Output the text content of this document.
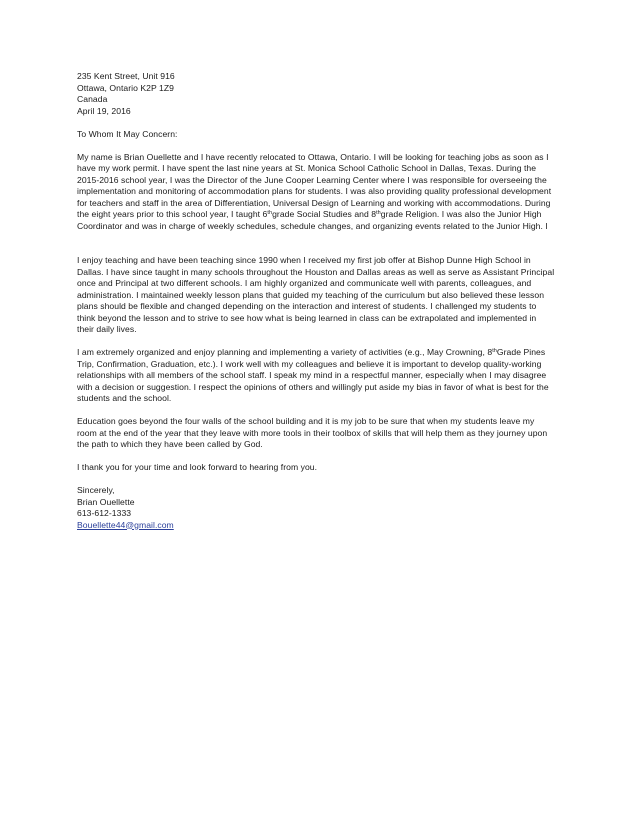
235 Kent Street, Unit 916
Ottawa, Ontario K2P 1Z9
Canada
April 19, 2016
To Whom It May Concern:

My name is Brian Ouellette and I have recently relocated to Ottawa, Ontario. I will be looking for teaching jobs as soon as I have my work permit. I have spent the last nine years at St. Monica School Catholic School in Dallas, Texas. During the 2015-2016 school year, I was the Director of the June Cooper Learning Center where I was responsible for overseeing the implementation and monitoring of accommodation plans for students. I was also providing quality professional development for teachers and staff in the area of Differentiation, Universal Design of Learning and working with accommodations. During the eight years prior to this school year, I taught 6thgrade Social Studies and 8thgrade Religion. I was also the Junior High Coordinator and was in charge of weekly schedules, schedule changes, and organizing events related to the Junior High. I

I enjoy teaching and have been teaching since 1990 when I received my first job offer at Bishop Dunne High School in Dallas. I have since taught in many schools throughout the Houston and Dallas areas as well as serve as Assistant Principal once and Principal at two different schools. I am highly organized and communicate well with parents, colleagues, and administration. I maintained weekly lesson plans that guided my teaching of the curriculum but also believed these lesson plans should be flexible and changed depending on the interaction and interest of students. I challenged my students to think beyond the lesson and to strive to see how what is being learned in class can be extrapolated and implemented in their daily lives.

I am extremely organized and enjoy planning and implementing a variety of activities (e.g., May Crowning, 8thGrade Pines Trip, Confirmation, Graduation, etc.). I work well with my colleagues and believe it is important to develop quality-working relationships with all members of the school staff. I speak my mind in a respectful manner, especially when I may disagree with a decision or suggestion. I respect the opinions of others and willingly put aside my bias in favor of what is best for the students and the school.

Education goes beyond the four walls of the school building and it is my job to be sure that when my students leave my room at the end of the year that they leave with more tools in their toolbox of skills that will help them as they journey upon the path to which they have been called by God.

I thank you for your time and look forward to hearing from you.

Sincerely,
Brian Ouellette
613-612-1333
Bouellette44@gmail.com
